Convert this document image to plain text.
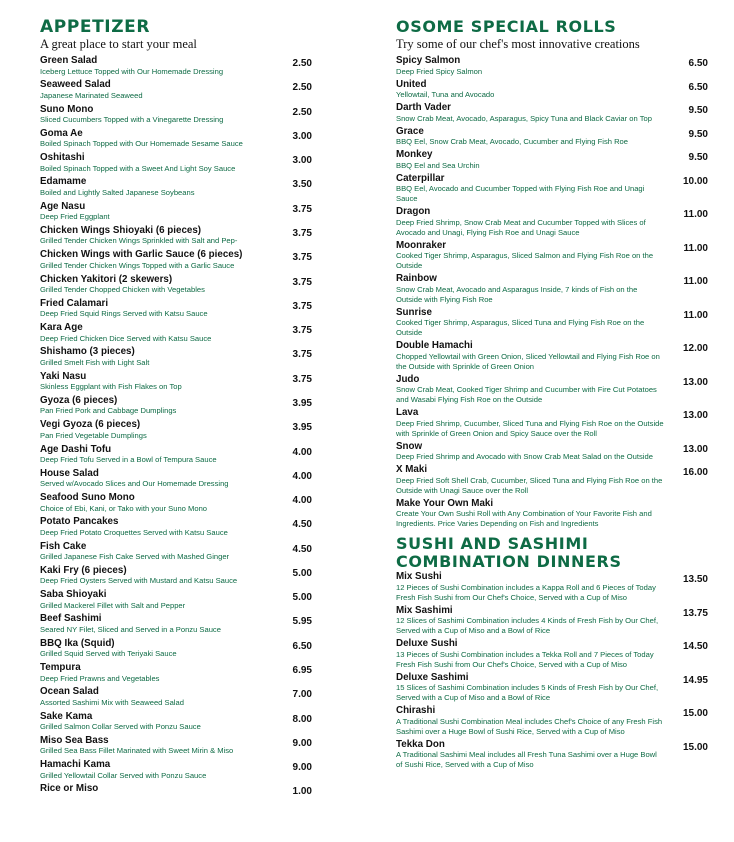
APPETIZER
A great place to start your meal
Green Salad
Iceberg Lettuce Topped with Our Homemade Dressing
2.50
Seaweed Salad
Japanese Marinated Seaweed
2.50
Suno Mono
Sliced Cucumbers Topped with a Vinegarette Dressing
2.50
Goma Ae
Boiled Spinach Topped with Our Homemade Sesame Sauce
3.00
Oshitashi
Boiled Spinach Topped with a Sweet And Light Soy Sauce
3.00
Edamame
Boiled and Lightly Salted Japanese Soybeans
3.50
Age Nasu
Deep Fried Eggplant
3.75
Chicken Wings Shioyaki (6 pieces)
Grilled Tender Chicken Wings Sprinkled with Salt and Pep-
3.75
Chicken Wings with Garlic Sauce (6 pieces)
Grilled Tender Chicken Wings Topped with a Garlic Sauce
3.75
Chicken Yakitori (2 skewers)
Grilled Tender Chopped Chicken with Vegetables
3.75
Fried Calamari
Deep Fried Squid Rings Served with Katsu Sauce
3.75
Kara Age
Deep Fried Chicken Dice Served with Katsu Sauce
3.75
Shishamo (3 pieces)
Grilled Smelt Fish with Light Salt
3.75
Yaki Nasu
Skinless Eggplant with Fish Flakes on Top
3.75
Gyoza (6 pieces)
Pan Fried Pork and Cabbage Dumplings
3.95
Vegi Gyoza (6 pieces)
Pan Fried Vegetable Dumplings
3.95
Age Dashi Tofu
Deep Fried Tofu Served in a Bowl of Tempura Sauce
4.00
House Salad
Served w/Avocado Slices and Our Homemade Dressing
4.00
Seafood Suno Mono
Choice of Ebi, Kani, or Tako with your Suno Mono
4.00
Potato Pancakes
Deep Fried Potato Croquettes Served with Katsu Sauce
4.50
Fish Cake
Grilled Japanese Fish Cake Served with Mashed Ginger
4.50
Kaki Fry (6 pieces)
Deep Fried Oysters Served with Mustard and Katsu Sauce
5.00
Saba Shioyaki
Grilled Mackerel Fillet with Salt and Pepper
5.00
Beef Sashimi
Seared NY Filet, Sliced and Served in a Ponzu Sauce
5.95
BBQ Ika (Squid)
Grilled Squid Served with Teriyaki Sauce
6.50
Tempura
Deep Fried Prawns and Vegetables
6.95
Ocean Salad
Assorted Sashimi Mix with Seaweed Salad
7.00
Sake Kama
Grilled Salmon Collar Served with Ponzu Sauce
8.00
Miso Sea Bass
Grilled Sea Bass Fillet Marinated with Sweet Mirin & Miso
9.00
Hamachi Kama
Grilled Yellowtail Collar Served with Ponzu Sauce
9.00
Rice or Miso	1.00
OSOME SPECIAL ROLLS
Try some of our chef's most innovative creations
Spicy Salmon
Deep Fried Spicy Salmon
6.50
United
Yellowtail, Tuna and Avocado
6.50
Darth Vader
Snow Crab Meat, Avocado, Asparagus, Spicy Tuna and Black Caviar on Top
9.50
Grace
BBQ Eel, Snow Crab Meat, Avocado, Cucumber and Flying Fish Roe
9.50
Monkey
BBQ Eel and Sea Urchin
9.50
Caterpillar
BBQ Eel, Avocado and Cucumber Topped with Flying Fish Roe and Unagi Sauce
10.00
Dragon
Deep Fried Shrimp, Snow Crab Meat and Cucumber Topped with Slices of Avocado and Unagi, Flying Fish Roe and Unagi Sauce
11.00
Moonraker
Cooked Tiger Shrimp, Asparagus, Sliced Salmon and Flying Fish Roe on the Outside
11.00
Rainbow
Snow Crab Meat, Avocado and Asparagus Inside, 7 kinds of Fish on the Outside with Flying Fish Roe
11.00
Sunrise
Cooked Tiger Shrimp, Asparagus, Sliced Tuna and Flying Fish Roe on the Outside
11.00
Double Hamachi
Chopped Yellowtail with Green Onion, Sliced Yellowtail and Flying Fish Roe on the Outside with Sprinkle of Green Onion
12.00
Judo
Snow Crab Meat, Cooked Tiger Shrimp and Cucumber with Fire Cut Potatoes and Wasabi Flying Fish Roe on the Outside
13.00
Lava
Deep Fried Shrimp, Cucumber, Sliced Tuna and Flying Fish Roe on the Outside with Sprinkle of Green Onion and Spicy Sauce over the Roll
13.00
Snow
Deep Fried Shrimp and Avocado with Snow Crab Meat Salad on the Outside
13.00
X Maki
Deep Fried Soft Shell Crab, Cucumber, Sliced Tuna and Flying Fish Roe on the Outside with Unagi Sauce over the Roll
16.00
Make Your Own Maki
Create Your Own Sushi Roll with Any Combination of Your Favorite Fish and Ingredients. Price Varies Depending on Fish and Ingredients
SUSHI AND SASHIMI
COMBINATION DINNERS
Mix Sushi
12 Pieces of Sushi Combination includes a Kappa Roll and 6 Pieces of Today Fresh Fish Sushi from Our Chef's Choice, Served with a Cup of Miso
13.50
Mix Sashimi
12 Slices of Sashimi Combination includes 4 Kinds of Fresh Fish by Our Chef, Served with a Cup of Miso and a Bowl of Rice
13.75
Deluxe Sushi
13 Pieces of Sushi Combination includes a Tekka Roll and 7 Pieces of Today Fresh Fish Sushi from Our Chef's Choice, Served with a Cup of Miso
14.50
Deluxe Sashimi
15 Slices of Sashimi Combination includes 5 Kinds of Fresh Fish by Our Chef, Served with a Cup of Miso and a Bowl of Rice
14.95
Chirashi
A Traditional Sushi Combination Meal includes Chef's Choice of any Fresh Fish Sashimi over a Huge Bowl of Sushi Rice, Served with a Cup of Miso
15.00
Tekka Don
A Traditional Sashimi Meal includes all Fresh Tuna Sashimi over a Huge Bowl of Sushi Rice, Served with a Cup of Miso
15.00
